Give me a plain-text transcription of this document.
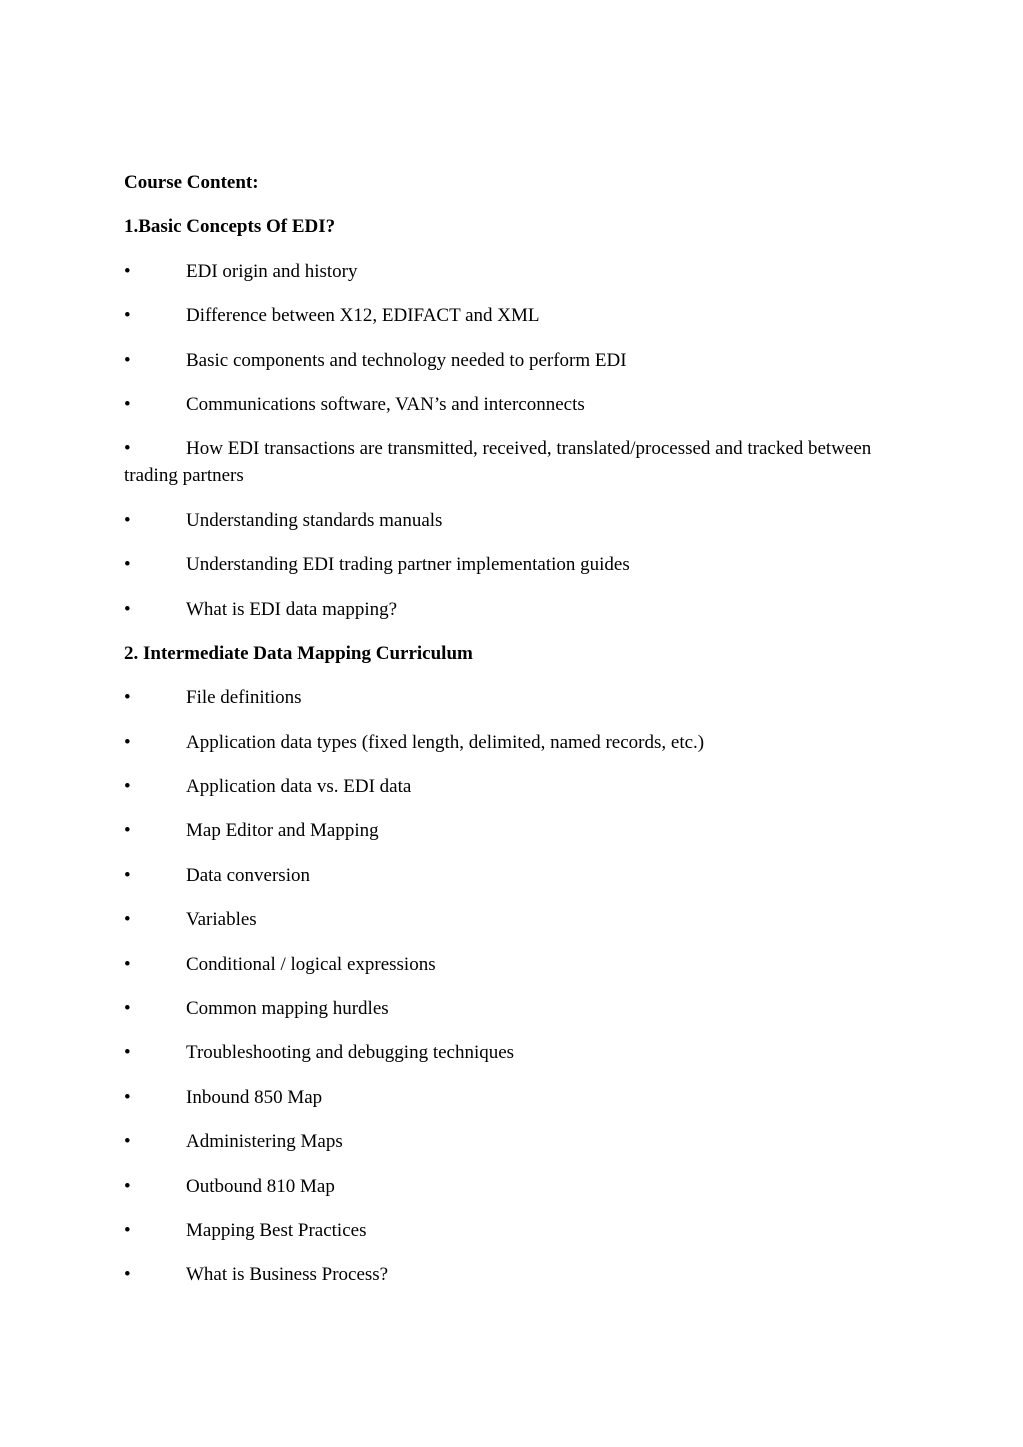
Course Content:
1.Basic Concepts Of EDI?
•	EDI origin and history
•	Difference between X12, EDIFACT and XML
•	Basic components and technology needed to perform EDI
•	Communications software, VAN’s and interconnects
•	How EDI transactions are transmitted, received, translated/processed and tracked between trading partners
•	Understanding standards manuals
•	Understanding EDI trading partner implementation guides
•	What is EDI data mapping?
2. Intermediate Data Mapping Curriculum
•	File definitions
•	Application data types (fixed length, delimited, named records, etc.)
•	Application data vs. EDI data
•	Map Editor and Mapping
•	Data conversion
•	Variables
•	Conditional / logical expressions
•	Common mapping hurdles
•	Troubleshooting and debugging techniques
•	Inbound 850 Map
•	Administering Maps
•	Outbound 810 Map
•	Mapping Best Practices
•	What is Business Process?
